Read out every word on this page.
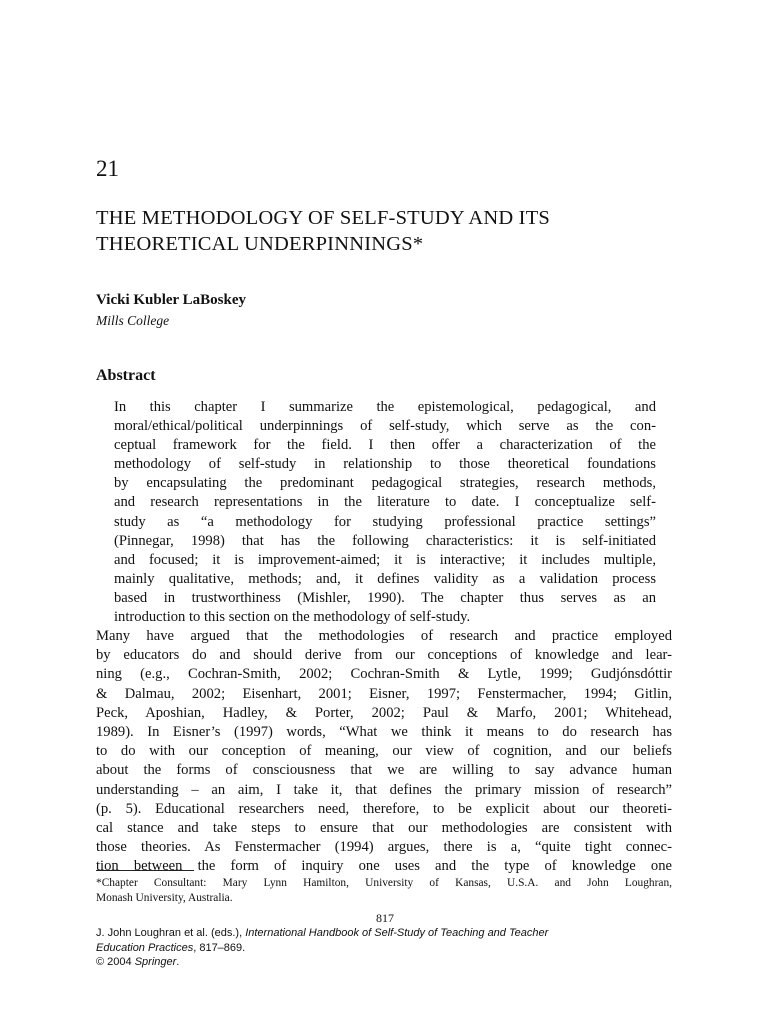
21
THE METHODOLOGY OF SELF-STUDY AND ITS
THEORETICAL UNDERPINNINGS*
Vicki Kubler LaBoskey
Mills College
Abstract
In this chapter I summarize the epistemological, pedagogical, and
moral/ethical/political underpinnings of self-study, which serve as the con-
ceptual framework for the field. I then offer a characterization of the
methodology of self-study in relationship to those theoretical foundations
by encapsulating the predominant pedagogical strategies, research methods,
and research representations in the literature to date. I conceptualize self-
study as “a methodology for studying professional practice settings”
(Pinnegar, 1998) that has the following characteristics: it is self-initiated
and focused; it is improvement-aimed; it is interactive; it includes multiple,
mainly qualitative, methods; and, it defines validity as a validation process
based in trustworthiness (Mishler, 1990). The chapter thus serves as an
introduction to this section on the methodology of self-study.
Many have argued that the methodologies of research and practice employed
by educators do and should derive from our conceptions of knowledge and lear-
ning (e.g., Cochran-Smith, 2002; Cochran-Smith & Lytle, 1999; Gudjónsdóttir
& Dalmau, 2002; Eisenhart, 2001; Eisner, 1997; Fenstermacher, 1994; Gitlin,
Peck, Aposhian, Hadley, & Porter, 2002; Paul & Marfo, 2001; Whitehead,
1989). In Eisner’s (1997) words, “What we think it means to do research has
to do with our conception of meaning, our view of cognition, and our beliefs
about the forms of consciousness that we are willing to say advance human
understanding – an aim, I take it, that defines the primary mission of research”
(p. 5). Educational researchers need, therefore, to be explicit about our theoreti-
cal stance and take steps to ensure that our methodologies are consistent with
those theories. As Fenstermacher (1994) argues, there is a, “quite tight connec-
tion between the form of inquiry one uses and the type of knowledge one
*Chapter Consultant: Mary Lynn Hamilton, University of Kansas, U.S.A. and John Loughran,
Monash University, Australia.
817
J. John Loughran et al. (eds.), International Handbook of Self-Study of Teaching and Teacher
Education Practices, 817–869.
© 2004 Springer.
